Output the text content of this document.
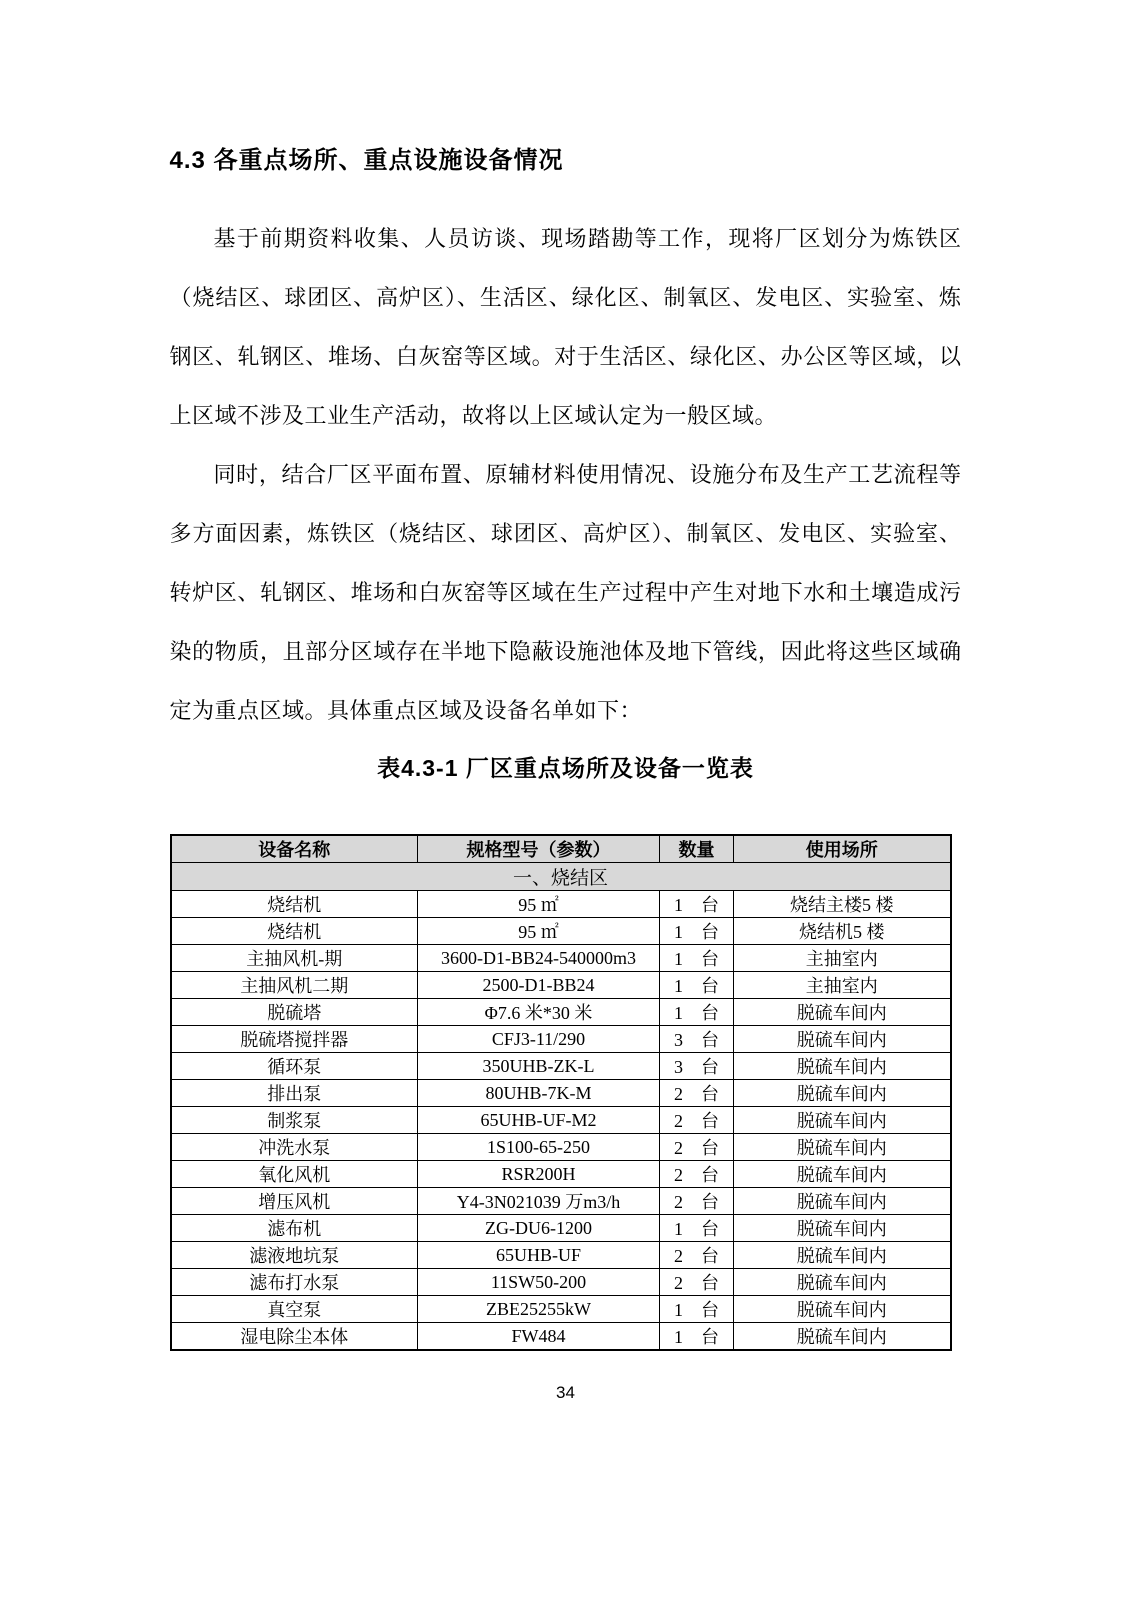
4.3 各重点场所、重点设施设备情况

基于前期资料收集、人员访谈、现场踏勘等工作，现将厂区划分为炼铁区（烧结区、球团区、高炉区）、生活区、绿化区、制氧区、发电区、实验室、炼钢区、轧钢区、堆场、白灰窑等区域。对于生活区、绿化区、办公区等区域，以上区域不涉及工业生产活动，故将以上区域认定为一般区域。

同时，结合厂区平面布置、原辅材料使用情况、设施分布及生产工艺流程等多方面因素，炼铁区（烧结区、球团区、高炉区）、制氧区、发电区、实验室、转炉区、轧钢区、堆场和白灰窑等区域在生产过程中产生对地下水和土壤造成污染的物质，且部分区域存在半地下隐蔽设施池体及地下管线，因此将这些区域确定为重点区域。具体重点区域及设备名单如下：

表4.3-1 厂区重点场所及设备一览表
设备名称	规格型号（参数）	数量	使用场所
一、烧结区			
烧结机	95 ㎡	1　台	烧结主楼5 楼
烧结机	95 ㎡	1　台	烧结机5 楼
主抽风机-期	3600-D1-BB24-540000m3	1　台	主抽室内
主抽风机二期	2500-D1-BB24	1　台	主抽室内
脱硫塔	Φ7.6 米*30 米	1　台	脱硫车间内
脱硫塔搅拌器	CFJ3-11/290	3　台	脱硫车间内
循环泵	350UHB-ZK-L	3　台	脱硫车间内
排出泵	80UHB-7K-M	2　台	脱硫车间内
制浆泵	65UHB-UF-M2	2　台	脱硫车间内
冲洗水泵	1S100-65-250	2　台	脱硫车间内
氧化风机	RSR200H	2　台	脱硫车间内
增压风机	Y4-3N021039 万m3/h	2　台	脱硫车间内
滤布机	ZG-DU6-1200	1　台	脱硫车间内
滤液地坑泵	65UHB-UF	2　台	脱硫车间内
滤布打水泵	11SW50-200	2　台	脱硫车间内
真空泵	ZBE25255kW	1　台	脱硫车间内
湿电除尘本体	FW484	1　台	脱硫车间内
34
